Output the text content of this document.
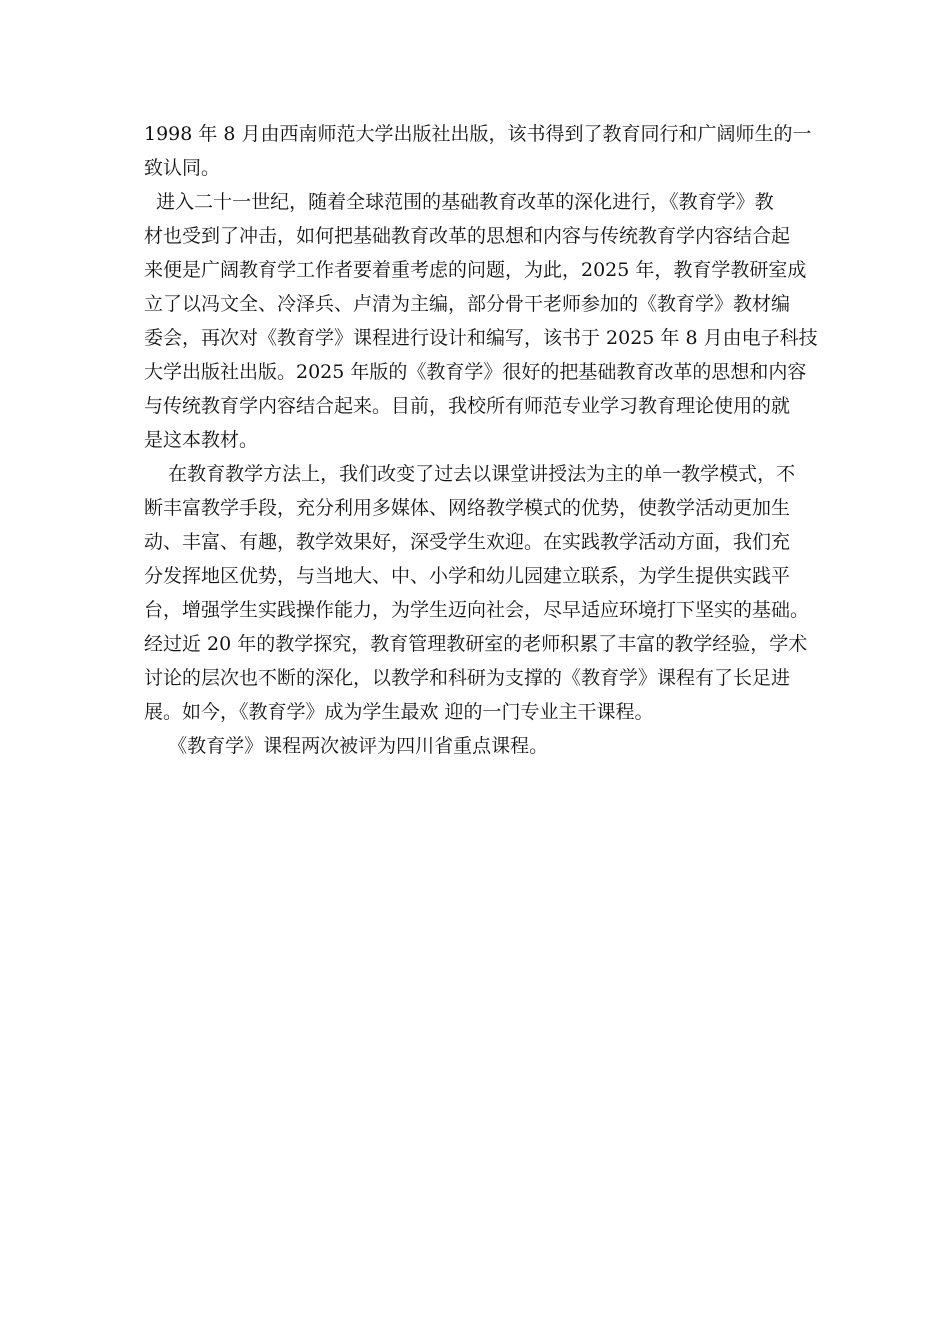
1998 年 8 月由西南师范大学出版社出版，该书得到了教育同行和广阔师生的一
致认同。
进入二十一世纪，随着全球范围的基础教育改革的深化进行，《教育学》教
材也受到了冲击，如何把基础教育改革的思想和内容与传统教育学内容结合起
来便是广阔教育学工作者要着重考虑的问题，为此，2025 年，教育学教研室成
立了以冯文全、冷泽兵、卢清为主编，部分骨干老师参加的《教育学》教材编
委会，再次对《教育学》课程进行设计和编写，该书于 2025 年 8 月由电子科技
大学出版社出版。2025 年版的《教育学》很好的把基础教育改革的思想和内容
与传统教育学内容结合起来。目前，我校所有师范专业学习教育理论使用的就
是这本教材。
在教育教学方法上，我们改变了过去以课堂讲授法为主的单一教学模式，不
断丰富教学手段，充分利用多媒体、网络教学模式的优势，使教学活动更加生
动、丰富、有趣，教学效果好，深受学生欢迎。在实践教学活动方面，我们充
分发挥地区优势，与当地大、中、小学和幼儿园建立联系，为学生提供实践平
台，增强学生实践操作能力，为学生迈向社会，尽早适应环境打下坚实的基础。
经过近 20 年的教学探究，教育管理教研室的老师积累了丰富的教学经验，学术
讨论的层次也不断的深化，以教学和科研为支撑的《教育学》课程有了长足进
展。如今，《教育学》成为学生最欢 迎的一门专业主干课程。
《教育学》课程两次被评为四川省重点课程。
